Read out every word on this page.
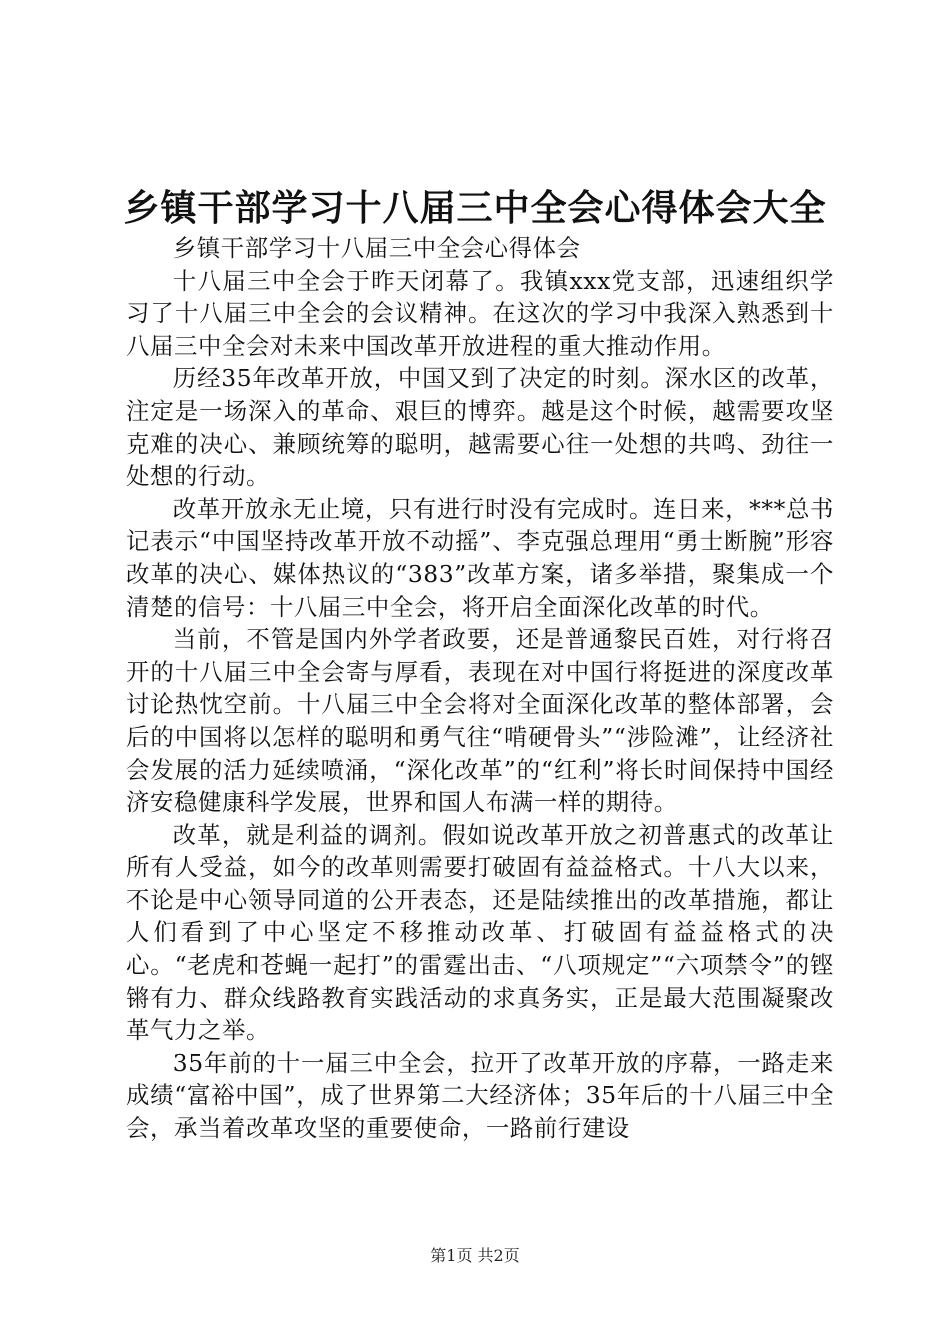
乡镇干部学习十八届三中全会心得体会大全

乡镇干部学习十八届三中全会心得体会

十八届三中全会于昨天闭幕了。我镇xxx党支部，迅速组织学习了十八届三中全会的会议精神。在这次的学习中我深入熟悉到十八届三中全会对未来中国改革开放进程的重大推动作用。

历经35年改革开放，中国又到了决定的时刻。深水区的改革，注定是一场深入的革命、艰巨的博弈。越是这个时候，越需要攻坚克难的决心、兼顾统筹的聪明，越需要心往一处想的共鸣、劲往一处想的行动。

改革开放永无止境，只有进行时没有完成时。连日来，***总书记表示“中国坚持改革开放不动摇”、李克强总理用“勇士断腕”形容改革的决心、媒体热议的“383”改革方案，诸多举措，聚集成一个清楚的信号：十八届三中全会，将开启全面深化改革的时代。

当前，不管是国内外学者政要，还是普通黎民百姓，对行将召开的十八届三中全会寄与厚看，表现在对中国行将挺进的深度改革讨论热忱空前。十八届三中全会将对全面深化改革的整体部署，会后的中国将以怎样的聪明和勇气往“啃硬骨头”“涉险滩”，让经济社会发展的活力延续喷涌，“深化改革”的“红利”将长时间保持中国经济安稳健康科学发展，世界和国人布满一样的期待。

改革，就是利益的调剂。假如说改革开放之初普惠式的改革让所有人受益，如今的改革则需要打破固有益益格式。十八大以来，不论是中心领导同道的公开表态，还是陆续推出的改革措施，都让人们看到了中心坚定不移推动改革、打破固有益益格式的决心。“老虎和苍蝇一起打”的雷霆出击、“八项规定”“六项禁令”的铿锵有力、群众线路教育实践活动的求真务实，正是最大范围凝聚改革气力之举。

35年前的十一届三中全会，拉开了改革开放的序幕，一路走来成绩“富裕中国”，成了世界第二大经济体；35年后的十八届三中全会，承当着改革攻坚的重要使命，一路前行建设

第1页 共2页
